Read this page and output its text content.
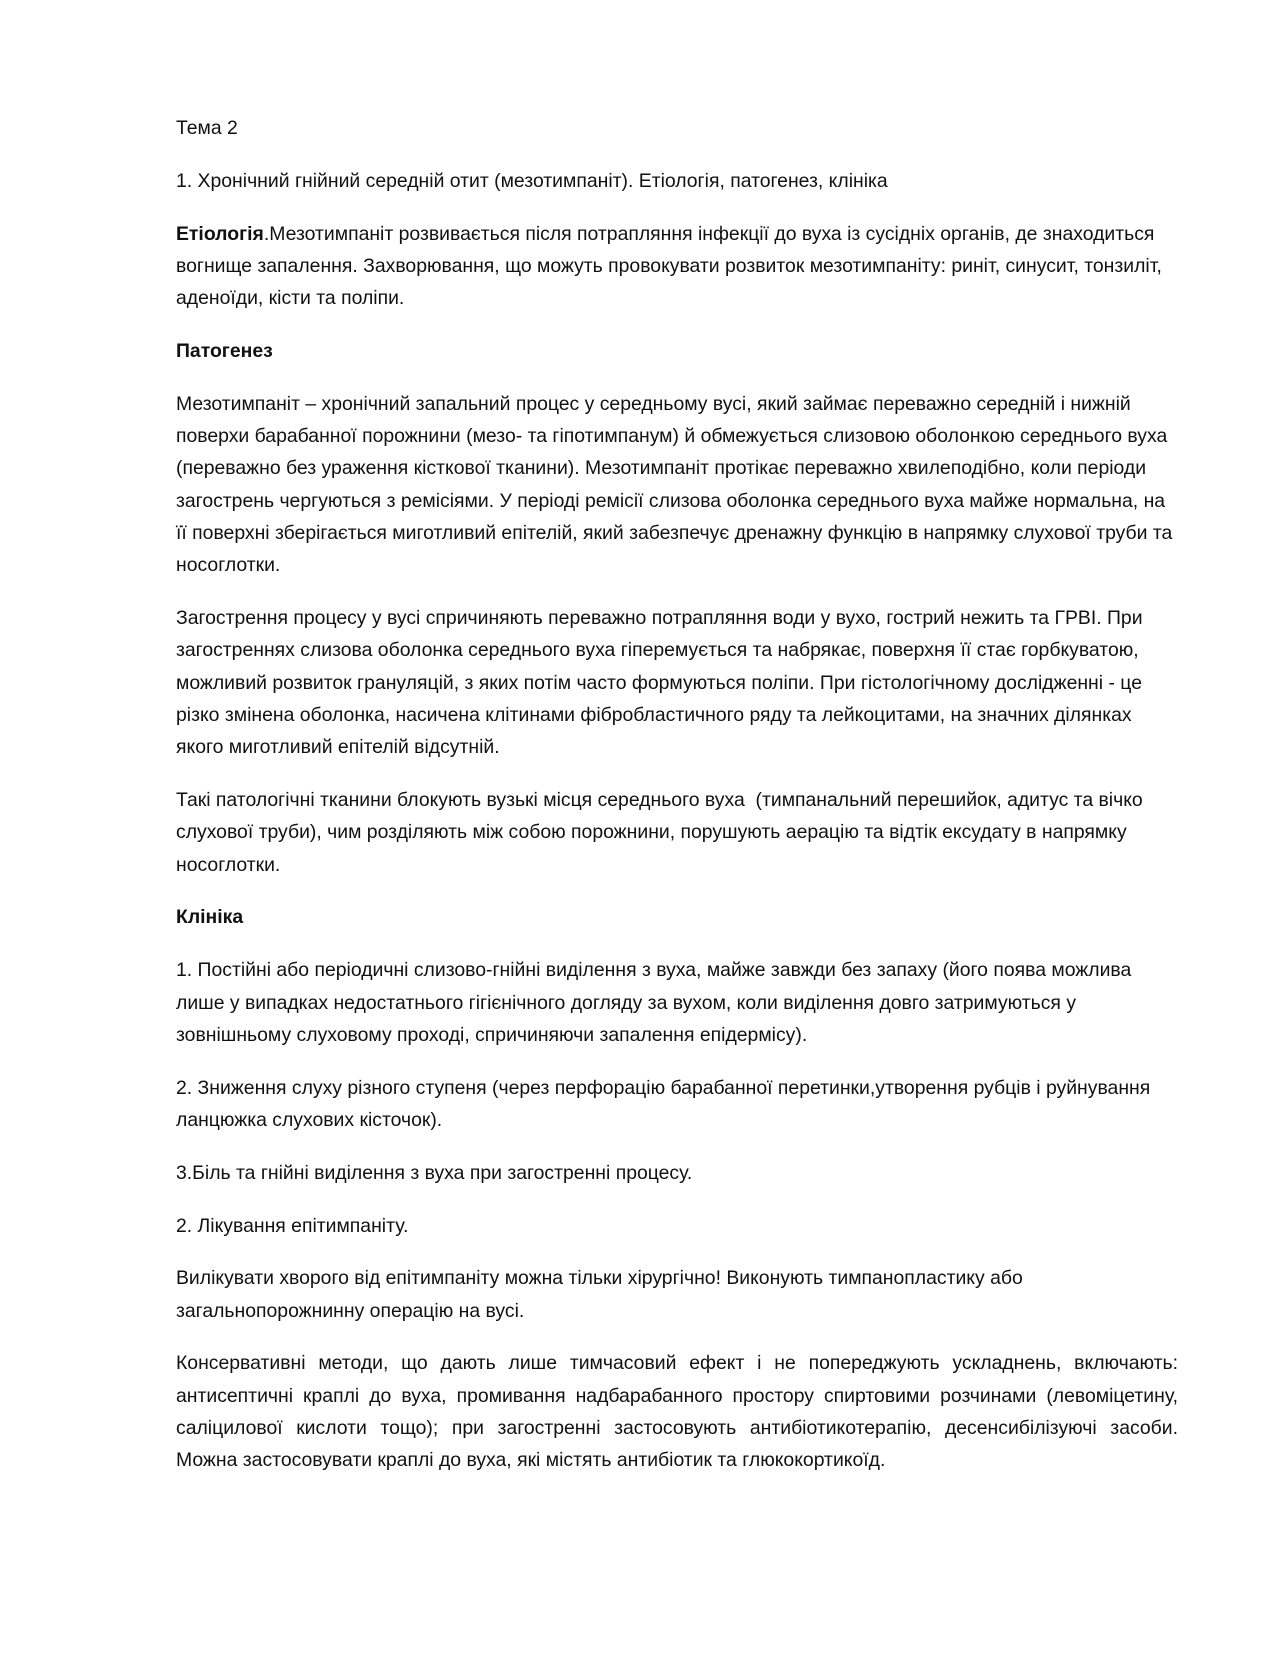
Тема 2

1. Хронічний гнійний середній отит (мезотимпаніт). Етіологія, патогенез, клініка

Етіологія.Мезотимпаніт розвивається після потрапляння інфекції до вуха із сусідніх органів, де знаходиться вогнище запалення. Захворювання, що можуть провокувати розвиток мезотимпаніту: риніт, синусит, тонзиліт, аденоїди, кісти та поліпи.

Патогенез

Мезотимпаніт – хронічний запальний процес у середньому вусі, який займає переважно середній і нижній поверхи барабанної порожнини (мезо- та гіпотимпанум) й обмежується слизовою оболонкою середнього вуха   (переважно без ураження кісткової тканини). Мезотимпаніт протікає переважно хвилеподібно, коли періоди загострень чергуються з ремісіями. У періоді ремісії слизова оболонка середнього вуха майже нормальна, на її поверхні зберігається миготливий епітелій, який забезпечує дренажну функцію в напрямку слухової труби та носоглотки.

Загострення процесу у вусі спричиняють переважно потрапляння води у вухо, гострий нежить та ГРВІ. При загостреннях слизова оболонка середнього вуха гіперемується та набрякає, поверхня її стає горбкуватою, можливий розвиток грануляцій, з яких потім часто формуються поліпи. При гістологічному дослідженні - це різко змінена оболонка, насичена клітинами фібробластичного ряду та лейкоцитами, на значних ділянках якого миготливий епітелій відсутній.

Такі патологічні тканини блокують вузькі місця середнього вуха  (тимпанальний перешийок, адитус та вічко слухової труби), чим розділяють між собою порожнини, порушують аерацію та відтік ексудату в напрямку  носоглотки.

Клініка

1. Постійні або періодичні слизово-гнійні виділення з вуха, майже завжди без запаху (його поява можлива лише у випадках недостатнього гігієнічного догляду за вухом, коли виділення довго затримуються у зовнішньому слуховому проході, спричиняючи запалення епідермісу).

2. Зниження слуху різного ступеня (через перфорацію барабанної перетинки,утворення рубців і руйнування ланцюжка слухових кісточок).

3.Біль та гнійні виділення з вуха при загостренні процесу.

2. Лікування епітимпаніту.

Вилікувати хворого від епітимпаніту можна тільки хірургічно! Виконують тимпанопластику або загальнопорожнинну операцію на вусі.

Консервативні методи, що дають лише тимчасовий ефект і не попереджують ускладнень, включають: антисептичні краплі до вуха, промивання надбарабанного простору спиртовими розчинами (левоміцетину, саліцилової кислоти тощо); при загостренні застосовують антибіотикотерапію, десенсибілізуючі засоби. Можна застосовувати краплі до вуха, які містять антибіотик та глюкокортикоїд.
